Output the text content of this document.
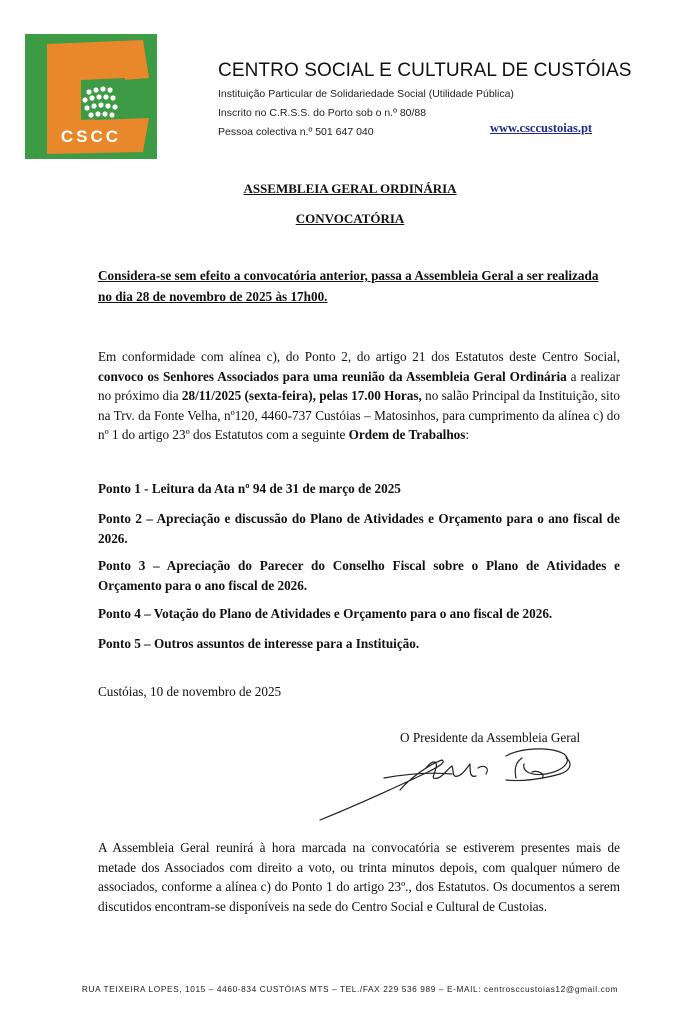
CSCC
CENTRO SOCIAL E CULTURAL DE CUSTÓIAS
Instituição Particular de Solidariedade Social (Utilidade Pública)
Inscrito no C.R.S.S. do Porto sob o n.º 80/88
Pessoa colectiva n.º 501 647 040	www.csccustoias.pt
ASSEMBLEIA GERAL ORDINÁRIA
CONVOCATÓRIA
Considera-se sem efeito a convocatória anterior, passa a Assembleia Geral a ser realizada
no dia 28 de novembro de 2025 às 17h00.
Em conformidade com alínea c), do Ponto 2, do artigo 21 dos Estatutos deste Centro Social, convoco os Senhores Associados para uma reunião da Assembleia Geral Ordinária a realizar no próximo dia 28/11/2025 (sexta-feira), pelas 17.00 Horas, no salão Principal da Instituição, sito na Trv. da Fonte Velha, nº120, 4460-737 Custóias – Matosinhos, para cumprimento da alínea c) do nº 1 do artigo 23º dos Estatutos com a seguinte Ordem de Trabalhos:
Ponto 1 - Leitura da Ata nº 94 de 31 de março de 2025
Ponto 2 – Apreciação e discussão do Plano de Atividades e Orçamento para o ano fiscal de 2026.
Ponto 3 – Apreciação do Parecer do Conselho Fiscal sobre o Plano de Atividades e Orçamento para o ano fiscal de 2026.
Ponto 4 – Votação do Plano de Atividades e Orçamento para o ano fiscal de 2026.
Ponto 5 – Outros assuntos de interesse para a Instituição.
Custóias, 10 de novembro de 2025
O Presidente da Assembleia Geral
A Assembleia Geral reunirá à hora marcada na convocatória se estiverem presentes mais de metade dos Associados com direito a voto, ou trinta minutos depois, com qualquer número de associados, conforme a alínea c) do Ponto 1 do artigo 23º., dos Estatutos. Os documentos a serem discutidos encontram-se disponíveis na sede do Centro Social e Cultural de Custoias.
RUA TEIXEIRA LOPES, 1015 – 4460-834 CUSTÓIAS MTS – TEL./FAX 229 536 989 – E-MAIL: centrosccustoias12@gmail.com
